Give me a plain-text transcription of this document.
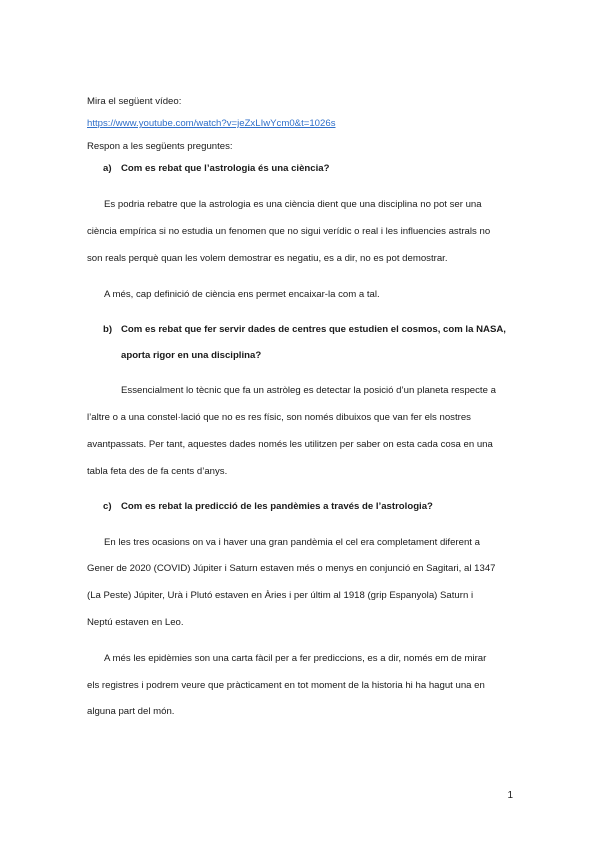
Mira el següent vídeo:
https://www.youtube.com/watch?v=jeZxLIwYcm0&t=1026s
Respon a les següents preguntes:
a) Com es rebat que l’astrologia és una ciència?
Es podria rebatre que la astrologia es una ciència dient que una disciplina no pot ser una
ciència empírica si no estudia un fenomen que no sigui verídic o real i les influencies astrals no
son reals perquè quan les volem demostrar es negatiu, es a dir, no es pot demostrar.
A més, cap definició de ciència ens permet encaixar-la com a tal.
b) Com es rebat que fer servir dades de centres que estudien el cosmos, com la NASA,
aporta rigor en una disciplina?
Essencialment lo tècnic que fa un astròleg es detectar la posició d’un planeta respecte a
l’altre o a una constel·lació que no es res físic, son només dibuixos que van fer els nostres
avantpassats. Per tant, aquestes dades només les utilitzen per saber on esta cada cosa en una
tabla feta des de fa cents d’anys.
c) Com es rebat la predicció de les pandèmies a través de l’astrologia?
En les tres ocasions on va i haver una gran pandèmia el cel era completament diferent a
Gener de 2020 (COVID) Júpiter i Saturn estaven més o menys en conjunció en Sagitari, al 1347
(La Peste) Júpiter, Urà i Plutó estaven en Àries i per últim al 1918 (grip Espanyola) Saturn i
Neptú estaven en Leo.
A més les epidèmies son una carta fàcil per a fer prediccions, es a dir, només em de mirar
els registres i podrem veure que pràcticament en tot moment de la historia hi ha hagut una en
alguna part del món.
1
